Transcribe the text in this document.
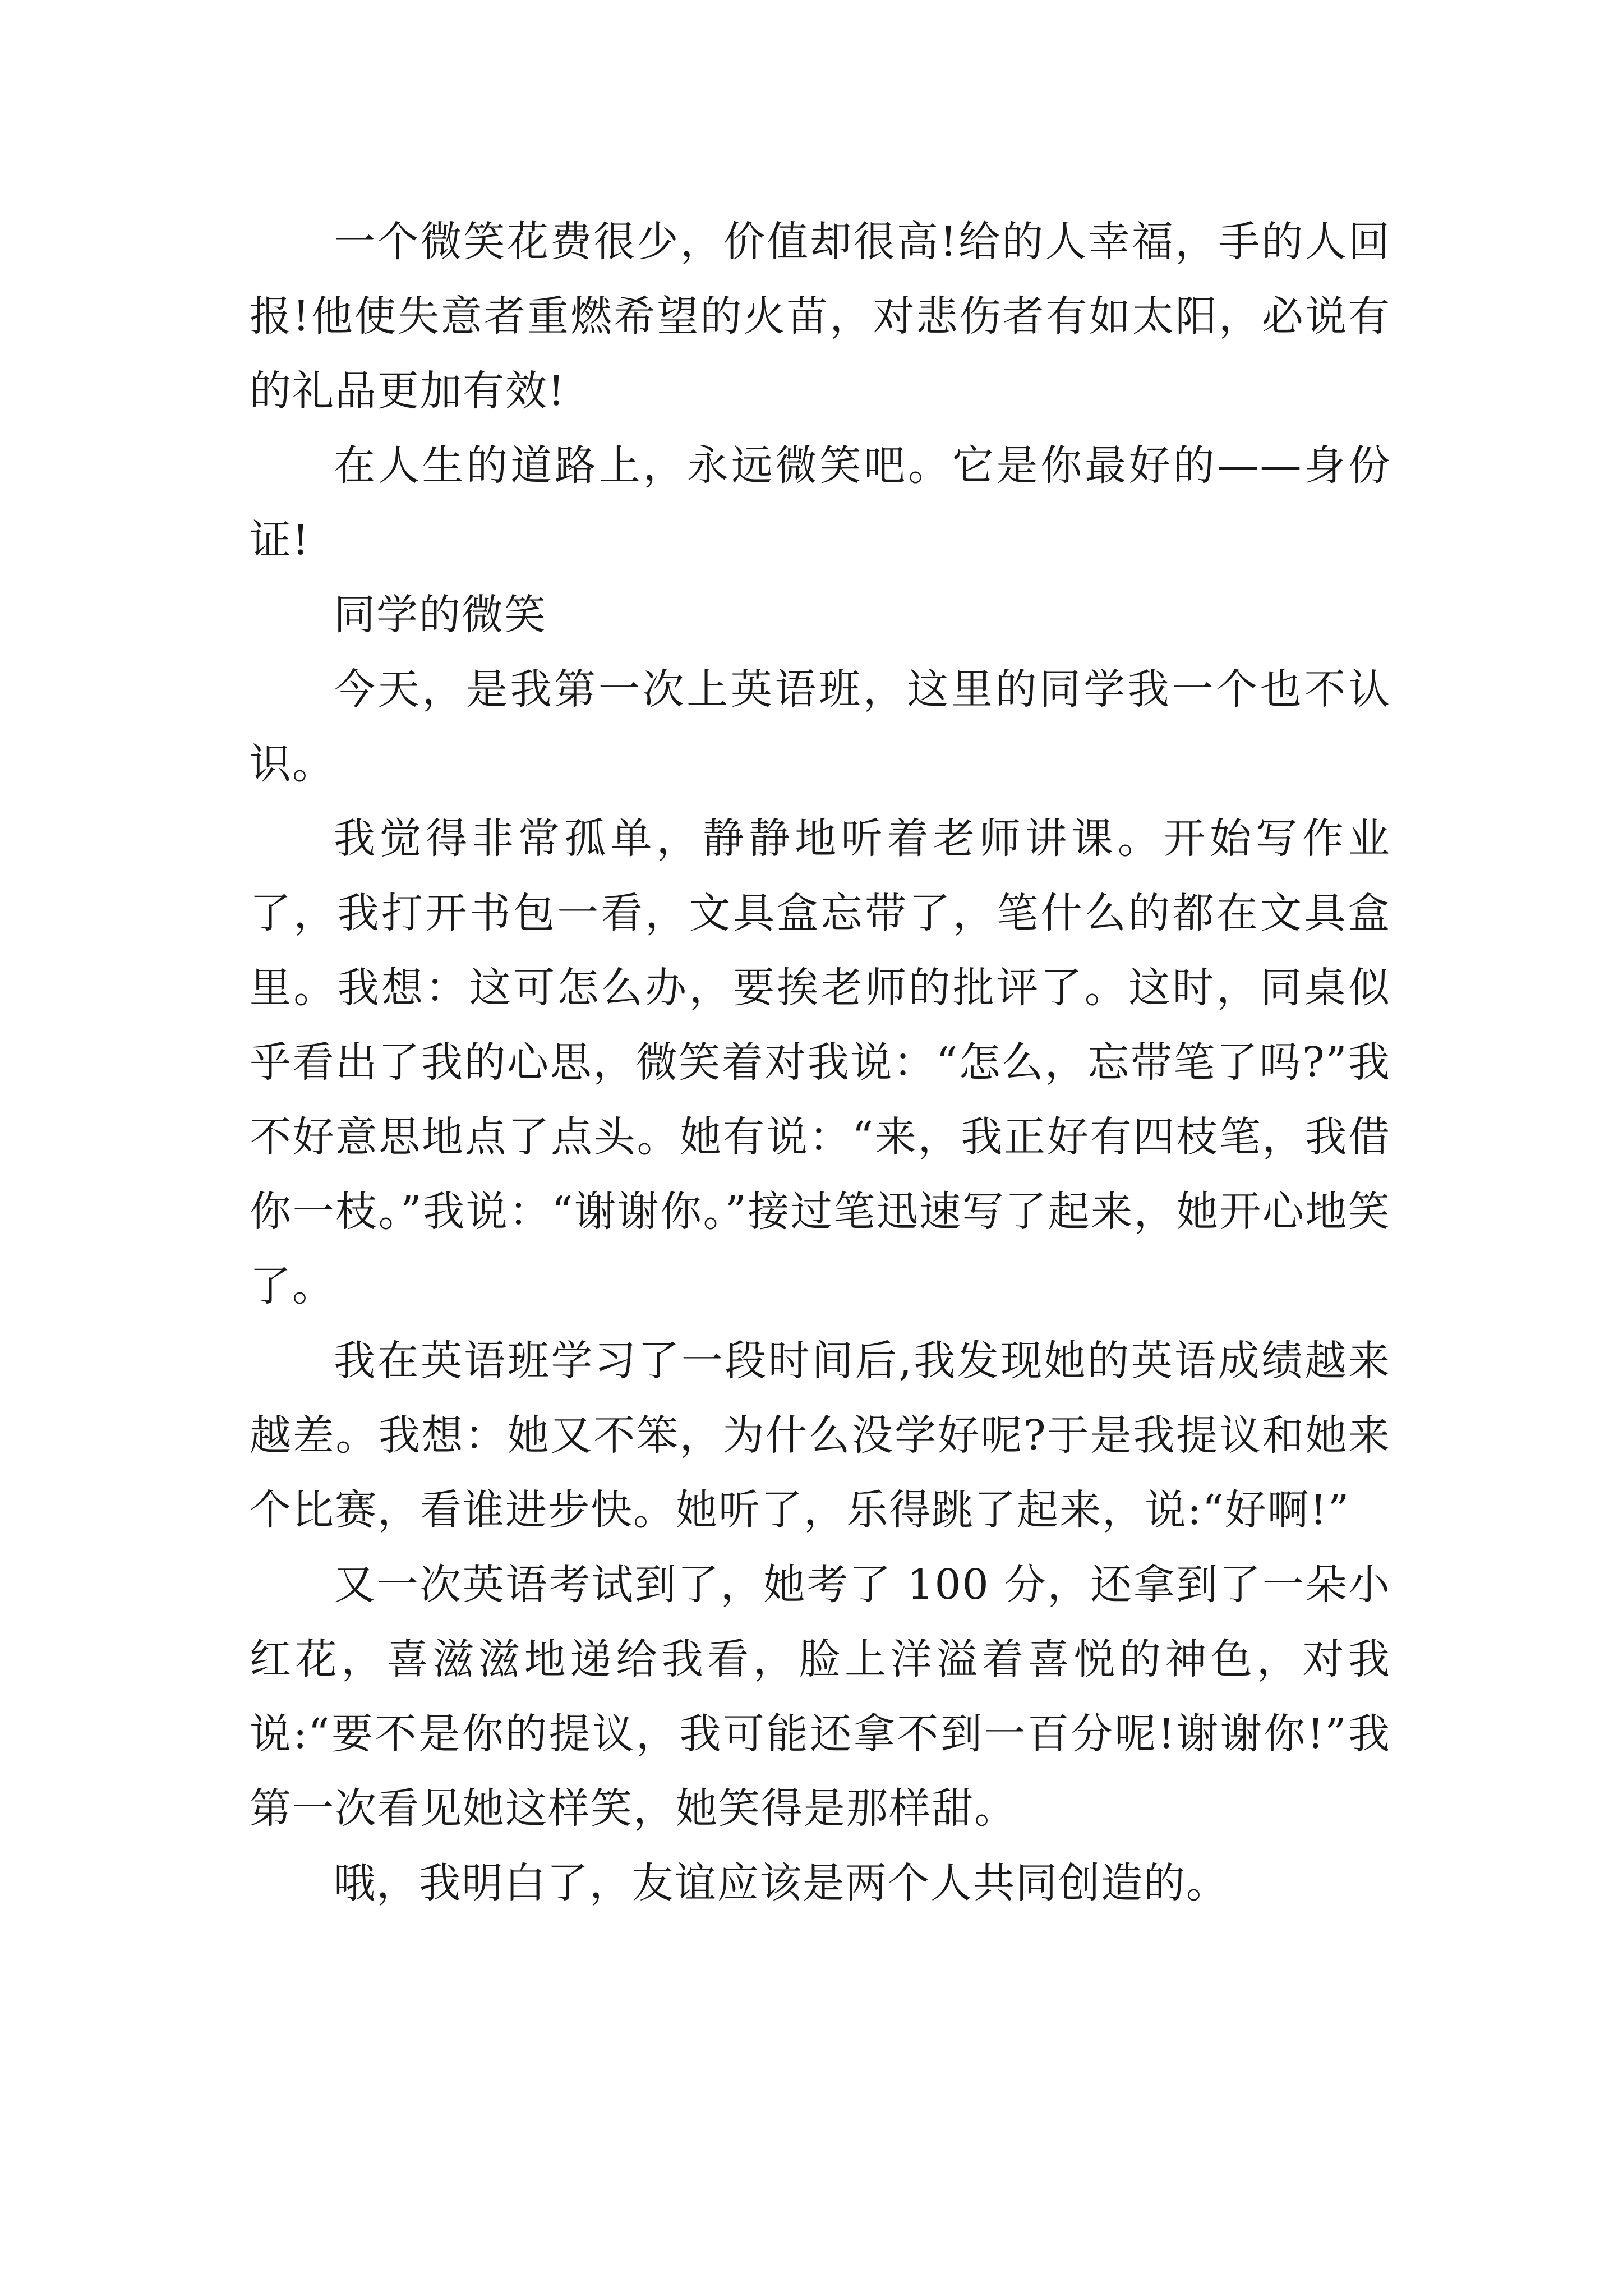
一个微笑花费很少，价值却很高!给的人幸福，手的人回报!他使失意者重燃希望的火苗，对悲伤者有如太阳，必说有的礼品更加有效!

在人生的道路上，永远微笑吧。它是你最好的——身份证!

同学的微笑

今天，是我第一次上英语班，这里的同学我一个也不认识。

我觉得非常孤单，静静地听着老师讲课。开始写作业了，我打开书包一看，文具盒忘带了，笔什么的都在文具盒里。我想：这可怎么办，要挨老师的批评了。这时，同桌似乎看出了我的心思，微笑着对我说：“怎么，忘带笔了吗?”我不好意思地点了点头。她有说：“来，我正好有四枝笔，我借你一枝。”我说：“谢谢你。”接过笔迅速写了起来，她开心地笑了。

我在英语班学习了一段时间后,我发现她的英语成绩越来越差。我想：她又不笨，为什么没学好呢?于是我提议和她来个比赛，看谁进步快。她听了，乐得跳了起来，说:“好啊!”

又一次英语考试到了，她考了 100 分，还拿到了一朵小红花，喜滋滋地递给我看，脸上洋溢着喜悦的神色，对我说:“要不是你的提议，我可能还拿不到一百分呢!谢谢你!”我第一次看见她这样笑，她笑得是那样甜。

哦，我明白了，友谊应该是两个人共同创造的。
